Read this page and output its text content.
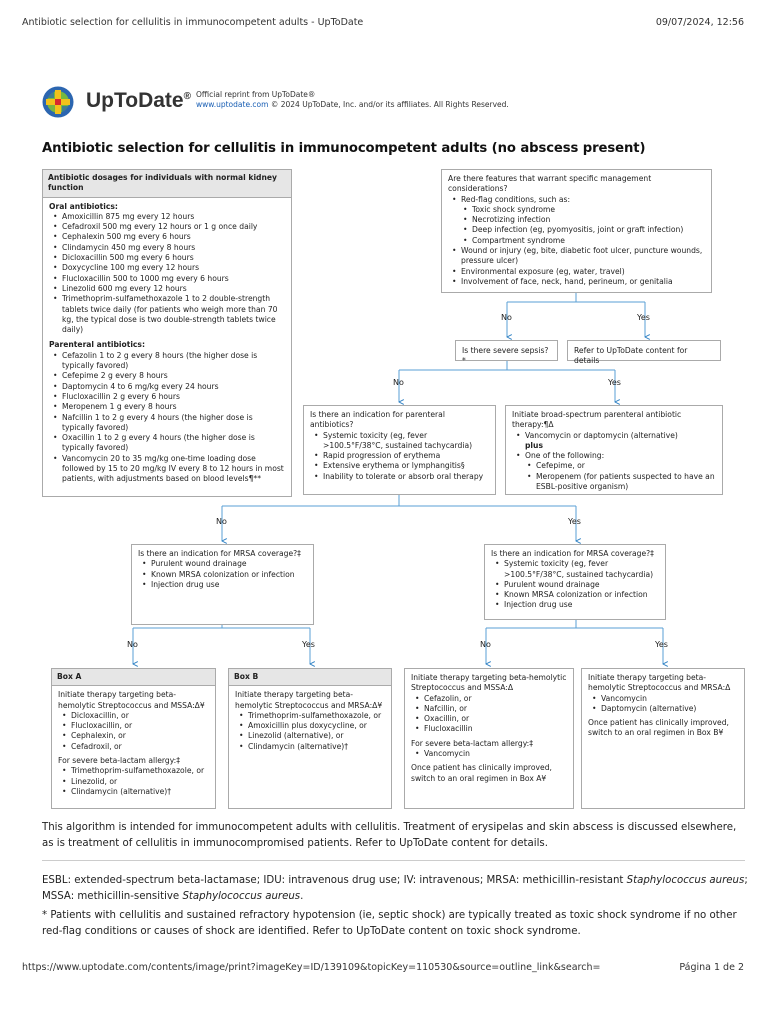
Antibiotic selection for cellulitis in immunocompetent adults - UpToDate	09/07/2024, 12:56
UpToDate® Official reprint from UpToDate®
www.uptodate.com © 2024 UpToDate, Inc. and/or its affiliates. All Rights Reserved.
Antibiotic selection for cellulitis in immunocompetent adults (no abscess present)
No	Yes
No	Yes
No	Yes
No	Yes	No	Yes
Antibiotic dosages for individuals with normal kidney function
Oral antibiotics:
• Amoxicillin 875 mg every 12 hours
• Cefadroxil 500 mg every 12 hours or 1 g once daily
• Cephalexin 500 mg every 6 hours
• Clindamycin 450 mg every 8 hours
• Dicloxacillin 500 mg every 6 hours
• Doxycycline 100 mg every 12 hours
• Flucloxacillin 500 to 1000 mg every 6 hours
• Linezolid 600 mg every 12 hours
• Trimethoprim-sulfamethoxazole 1 to 2 double-strength tablets twice daily (for patients who weigh more than 70 kg, the typical dose is two double-strength tablets twice daily)
Parenteral antibiotics:
• Cefazolin 1 to 2 g every 8 hours (the higher dose is typically favored)
• Cefepime 2 g every 8 hours
• Daptomycin 4 to 6 mg/kg every 24 hours
• Flucloxacillin 2 g every 6 hours
• Meropenem 1 g every 8 hours
• Nafcillin 1 to 2 g every 4 hours (the higher dose is typically favored)
• Oxacillin 1 to 2 g every 4 hours (the higher dose is typically favored)
• Vancomycin 20 to 35 mg/kg one-time loading dose followed by 15 to 20 mg/kg IV every 8 to 12 hours in most patients, with adjustments based on blood levels¶**
Are there features that warrant specific management considerations?
• Red-flag conditions, such as:
• Toxic shock syndrome
• Necrotizing infection
• Deep infection (eg, pyomyositis, joint or graft infection)
• Compartment syndrome
• Wound or injury (eg, bite, diabetic foot ulcer, puncture wounds, pressure ulcer)
• Environmental exposure (eg, water, travel)
• Involvement of face, neck, hand, perineum, or genitalia
Is there severe sepsis?*
Refer to UpToDate content for details
Is there an indication for parenteral antibiotics?
• Systemic toxicity (eg, fever >100.5°F/38°C, sustained tachycardia)
• Rapid progression of erythema
• Extensive erythema or lymphangitis§
• Inability to tolerate or absorb oral therapy
Initiate broad-spectrum parenteral antibiotic therapy:¶Δ
• Vancomycin or daptomycin (alternative)
plus
• One of the following:
• Cefepime, or
• Meropenem (for patients suspected to have an ESBL-positive organism)
Is there an indication for MRSA coverage?‡
• Purulent wound drainage
• Known MRSA colonization or infection
• Injection drug use
Is there an indication for MRSA coverage?‡
• Systemic toxicity (eg, fever >100.5°F/38°C, sustained tachycardia)
• Purulent wound drainage
• Known MRSA colonization or infection
• Injection drug use
Box A
Initiate therapy targeting beta-hemolytic Streptococcus and MSSA:Δ¥
• Dicloxacillin, or
• Flucloxacillin, or
• Cephalexin, or
• Cefadroxil, or
For severe beta-lactam allergy:‡
• Trimethoprim-sulfamethoxazole, or
• Linezolid, or
• Clindamycin (alternative)†
Box B
Initiate therapy targeting beta-hemolytic Streptococcus and MRSA:Δ¥
• Trimethoprim-sulfamethoxazole, or
• Amoxicillin plus doxycycline, or
• Linezolid (alternative), or
• Clindamycin (alternative)†
Initiate therapy targeting beta-hemolytic Streptococcus and MSSA:Δ
• Cefazolin, or
• Nafcillin, or
• Oxacillin, or
• Flucloxacillin
For severe beta-lactam allergy:‡
• Vancomycin
Once patient has clinically improved, switch to an oral regimen in Box A¥
Initiate therapy targeting beta-hemolytic Streptococcus and MRSA:Δ
• Vancomycin
• Daptomycin (alternative)
Once patient has clinically improved, switch to an oral regimen in Box B¥
This algorithm is intended for immunocompetent adults with cellulitis. Treatment of erysipelas and skin abscess is discussed elsewhere, as is treatment of cellulitis in immunocompromised patients. Refer to UpToDate content for details.
ESBL: extended-spectrum beta-lactamase; IDU: intravenous drug use; IV: intravenous; MRSA: methicillin-resistant Staphylococcus aureus; MSSA: methicillin-sensitive Staphylococcus aureus.
* Patients with cellulitis and sustained refractory hypotension (ie, septic shock) are typically treated as toxic shock syndrome if no other red-flag conditions or causes of shock are identified. Refer to UpToDate content on toxic shock syndrome.
https://www.uptodate.com/contents/image/print?imageKey=ID/139109&topicKey=110530&source=outline_link&search=	Página 1 de 2
